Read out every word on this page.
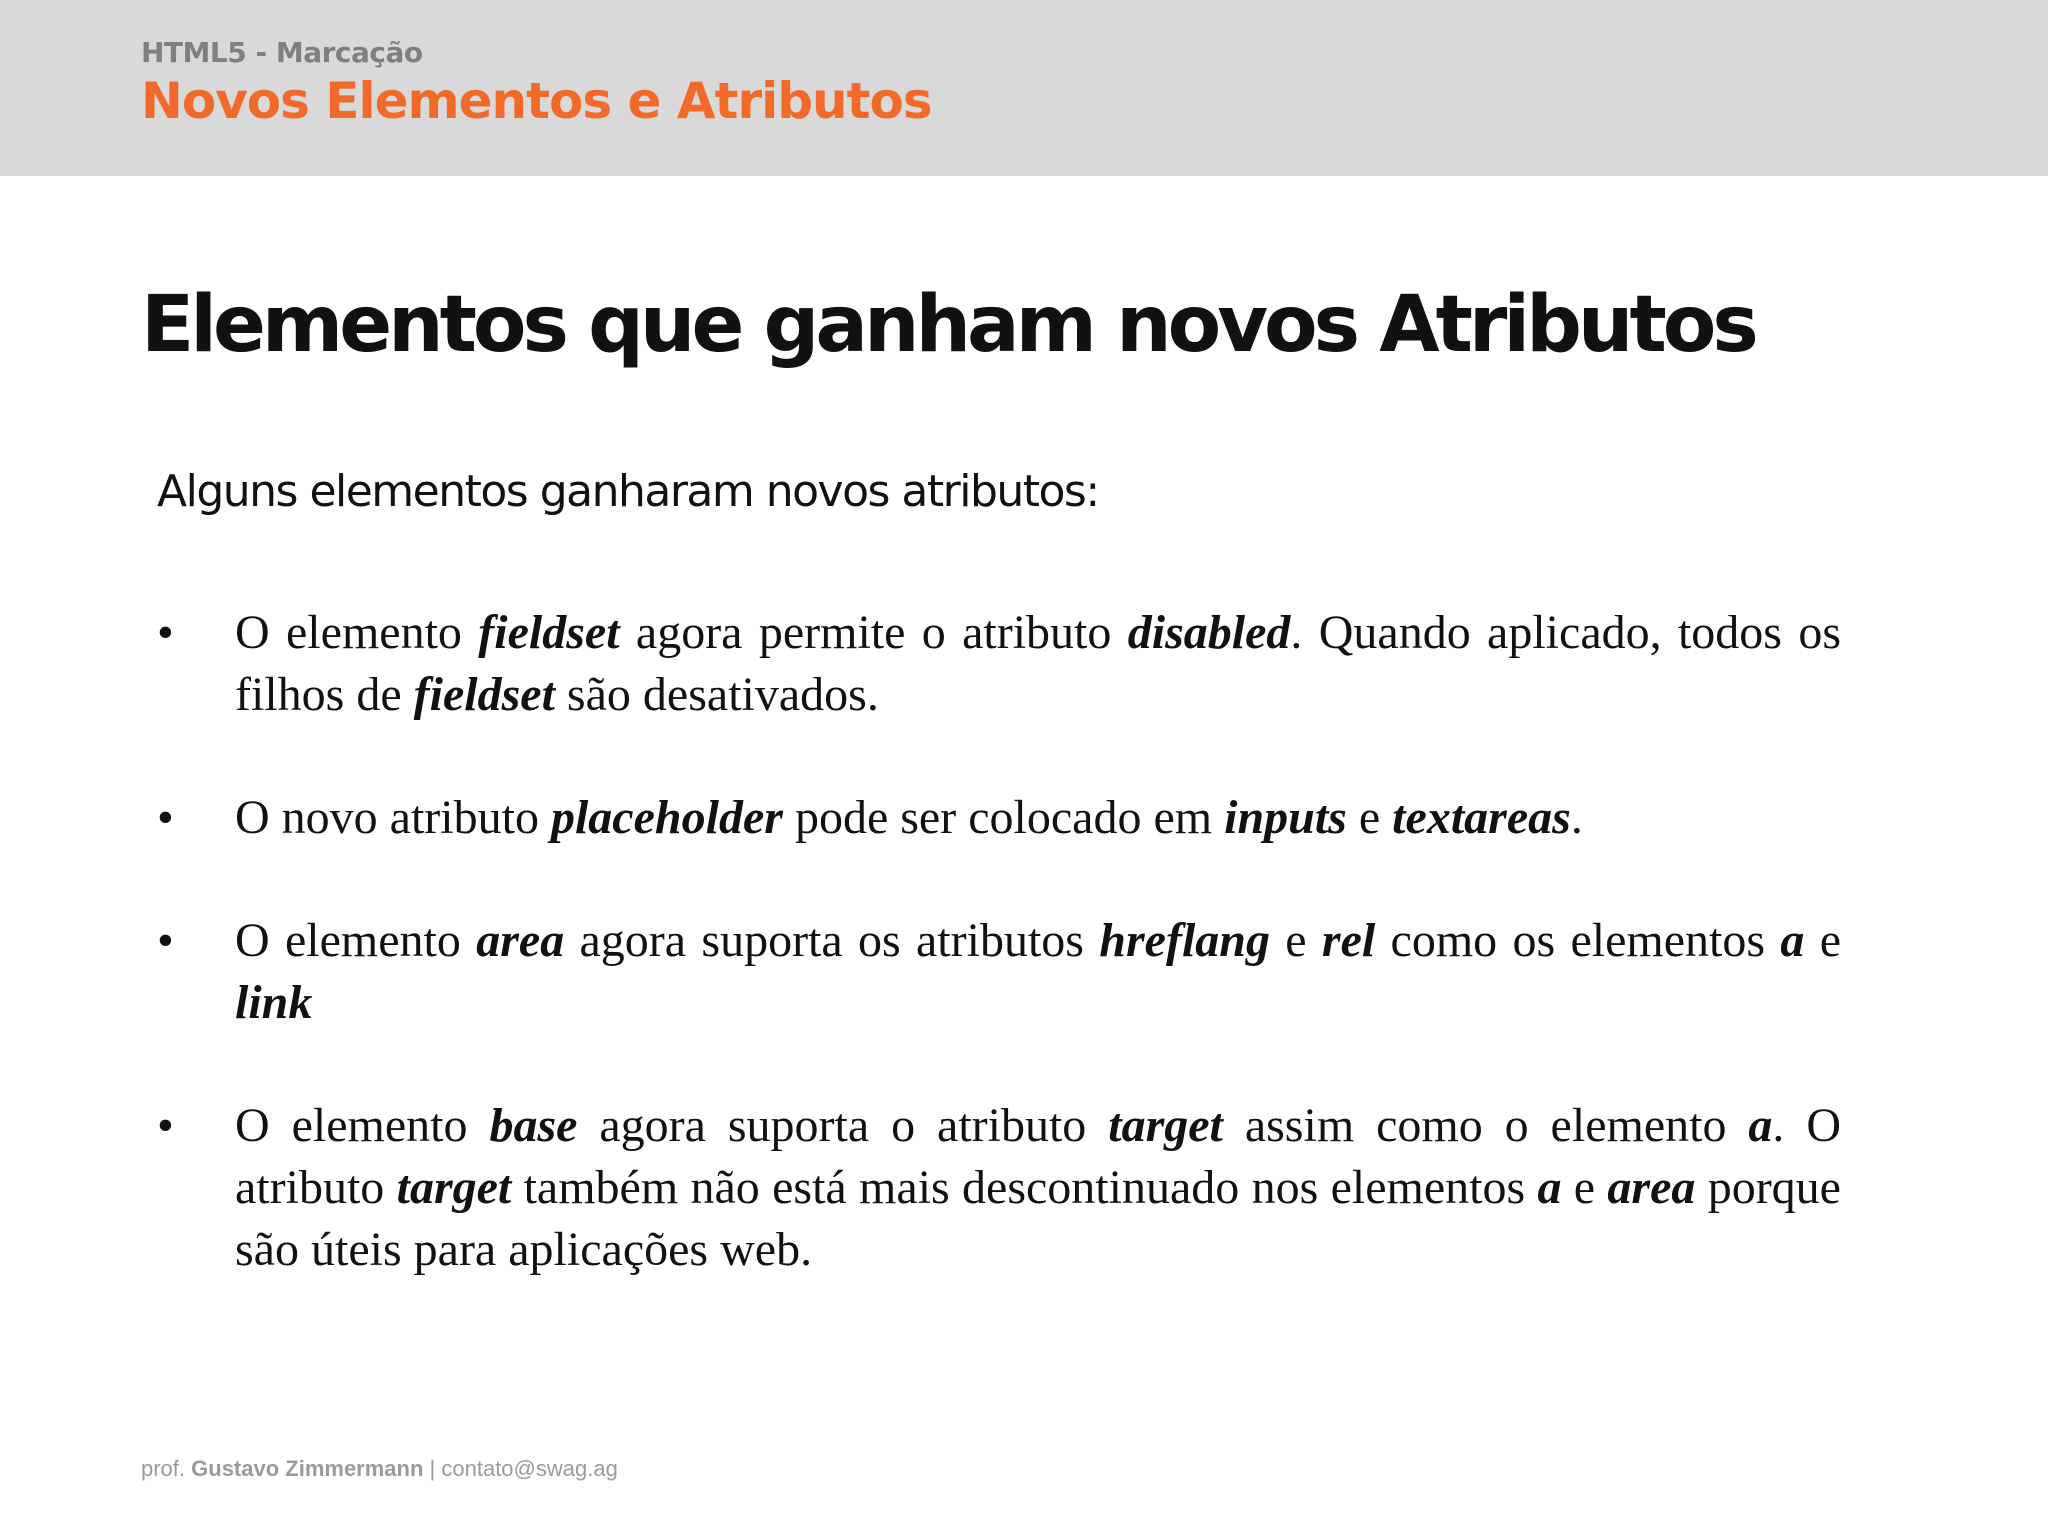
HTML5 - Marcação
Novos Elementos e Atributos
Elementos que ganham novos Atributos
Alguns elementos ganharam novos atributos:
• O elemento fieldset agora permite o atributo disabled. Quando aplicado, todos os filhos de fieldset são desativados.
• O novo atributo placeholder pode ser colocado em inputs e textareas.
• O elemento area agora suporta os atributos hreflang e rel como os elementos a e link
• O elemento base agora suporta o atributo target assim como o elemento a. O atributo target também não está mais descontinuado nos elementos a e area porque são úteis para aplicações web.
prof. Gustavo Zimmermann | contato@swag.ag
